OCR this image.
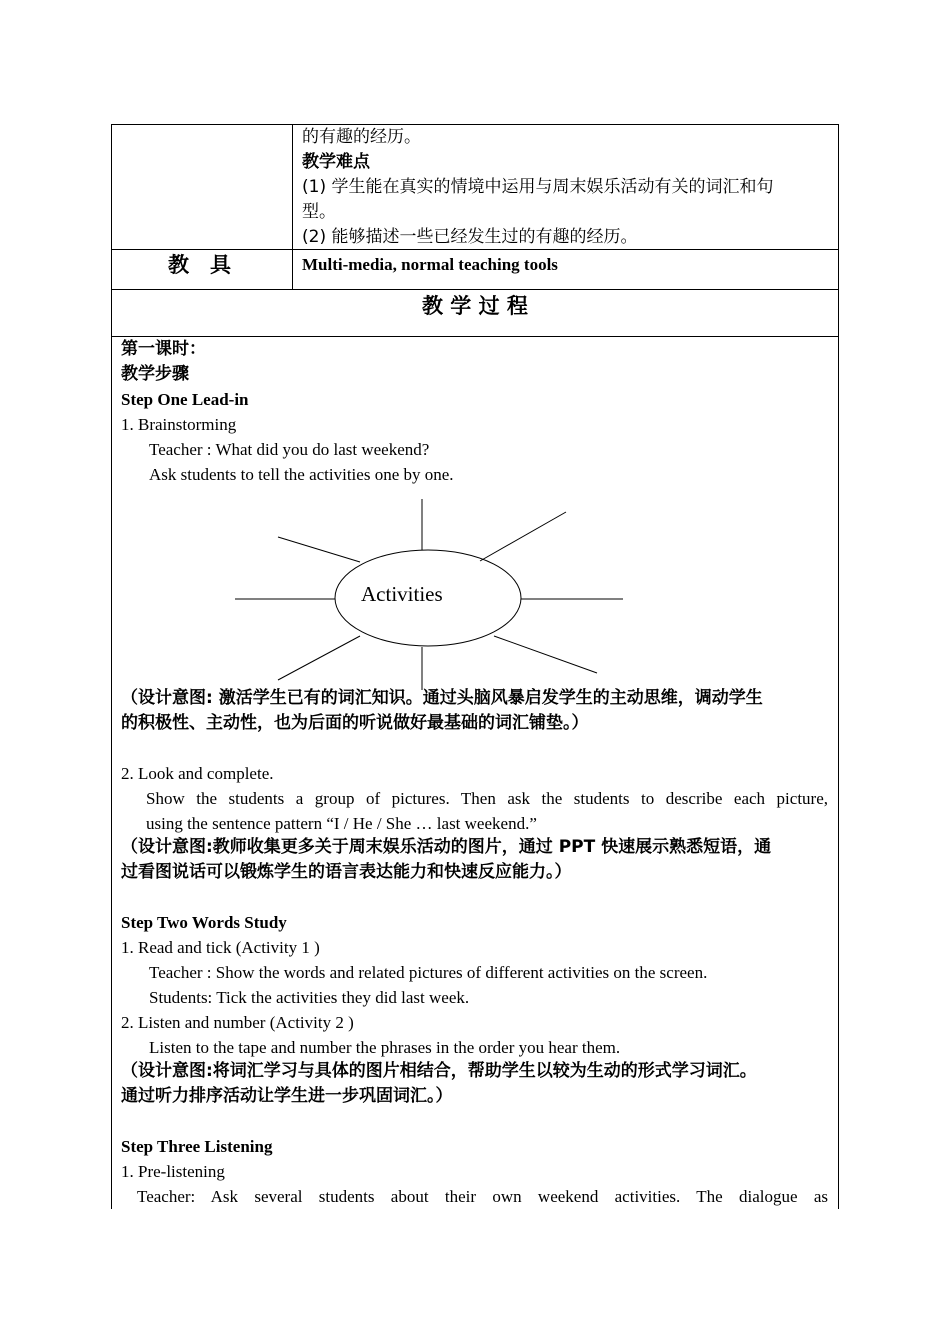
的有趣的经历。
教学难点
(1) 学生能在真实的情境中运用与周末娱乐活动有关的词汇和句
型。
(2) 能够描述一些已经发生过的有趣的经历。
教　具	Multi-media, normal teaching tools
教 学 过 程
第一课时：
教学步骤
Step One Lead-in
1. Brainstorming
Teacher : What did you do last weekend?
Ask students to tell the activities one by one.
Activities
（设计意图: 激活学生已有的词汇知识。通过头脑风暴启发学生的主动思维，调动学生
的积极性、主动性，也为后面的听说做好最基础的词汇铺垫。）
2. Look and complete.
Show the students a group of pictures. Then ask the students to describe each picture,
using the sentence pattern “I / He / She … last weekend.”
（设计意图:教师收集更多关于周末娱乐活动的图片，通过 PPT 快速展示熟悉短语，通
过看图说话可以锻炼学生的语言表达能力和快速反应能力。）
Step Two Words Study
1. Read and tick (Activity 1 )
Teacher : Show the words and related pictures of different activities on the screen.
Students: Tick the activities they did last week.
2. Listen and number (Activity 2 )
Listen to the tape and number the phrases in the order you hear them.
（设计意图:将词汇学习与具体的图片相结合，帮助学生以较为生动的形式学习词汇。
通过听力排序活动让学生进一步巩固词汇。）
Step Three Listening
1. Pre-listening
Teacher: Ask several students about their own weekend activities. The dialogue as
